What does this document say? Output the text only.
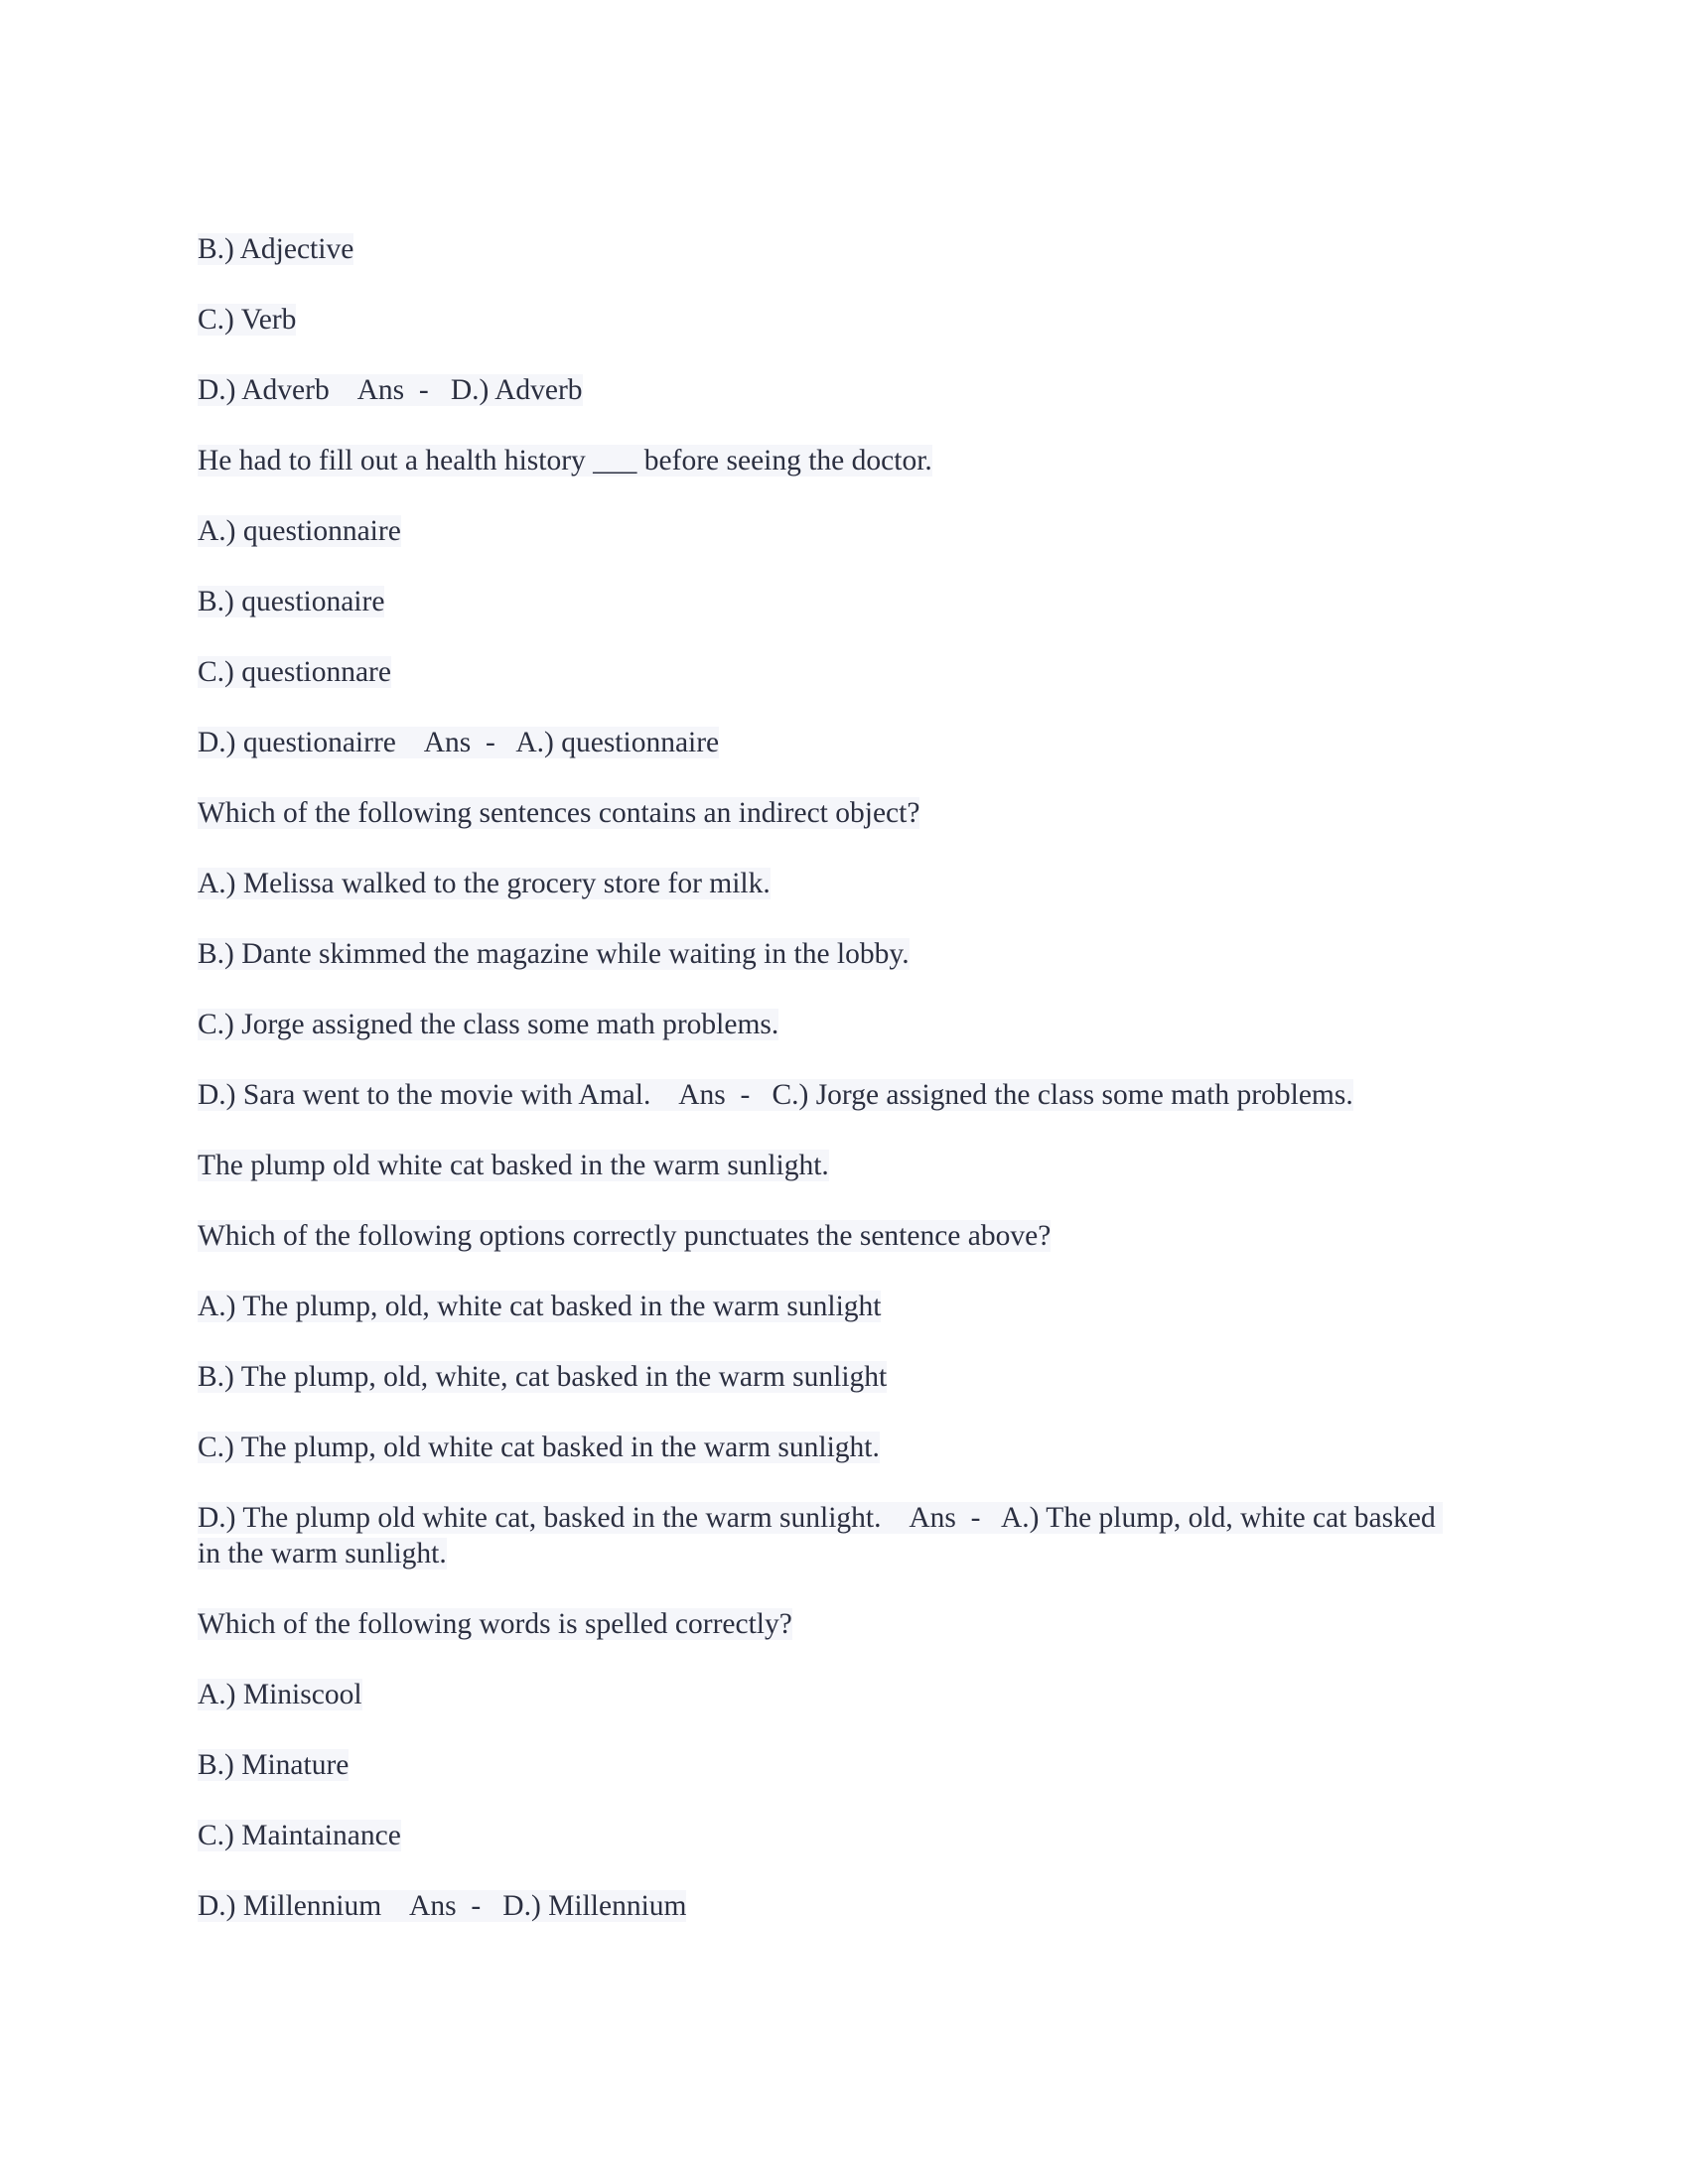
B.) Adjective

C.) Verb

D.) Adverb    Ans  -   D.) Adverb

He had to fill out a health history ___ before seeing the doctor.

A.) questionnaire

B.) questionaire

C.) questionnare

D.) questionairre    Ans  -   A.) questionnaire

Which of the following sentences contains an indirect object?

A.) Melissa walked to the grocery store for milk.

B.) Dante skimmed the magazine while waiting in the lobby.

C.) Jorge assigned the class some math problems.

D.) Sara went to the movie with Amal.    Ans  -   C.) Jorge assigned the class some math problems.

The plump old white cat basked in the warm sunlight.

Which of the following options correctly punctuates the sentence above?

A.) The plump, old, white cat basked in the warm sunlight

B.) The plump, old, white, cat basked in the warm sunlight

C.) The plump, old white cat basked in the warm sunlight.

D.) The plump old white cat, basked in the warm sunlight.    Ans  -   A.) The plump, old, white cat basked in the warm sunlight.

Which of the following words is spelled correctly?

A.) Miniscool

B.) Minature

C.) Maintainance

D.) Millennium    Ans  -   D.) Millennium
